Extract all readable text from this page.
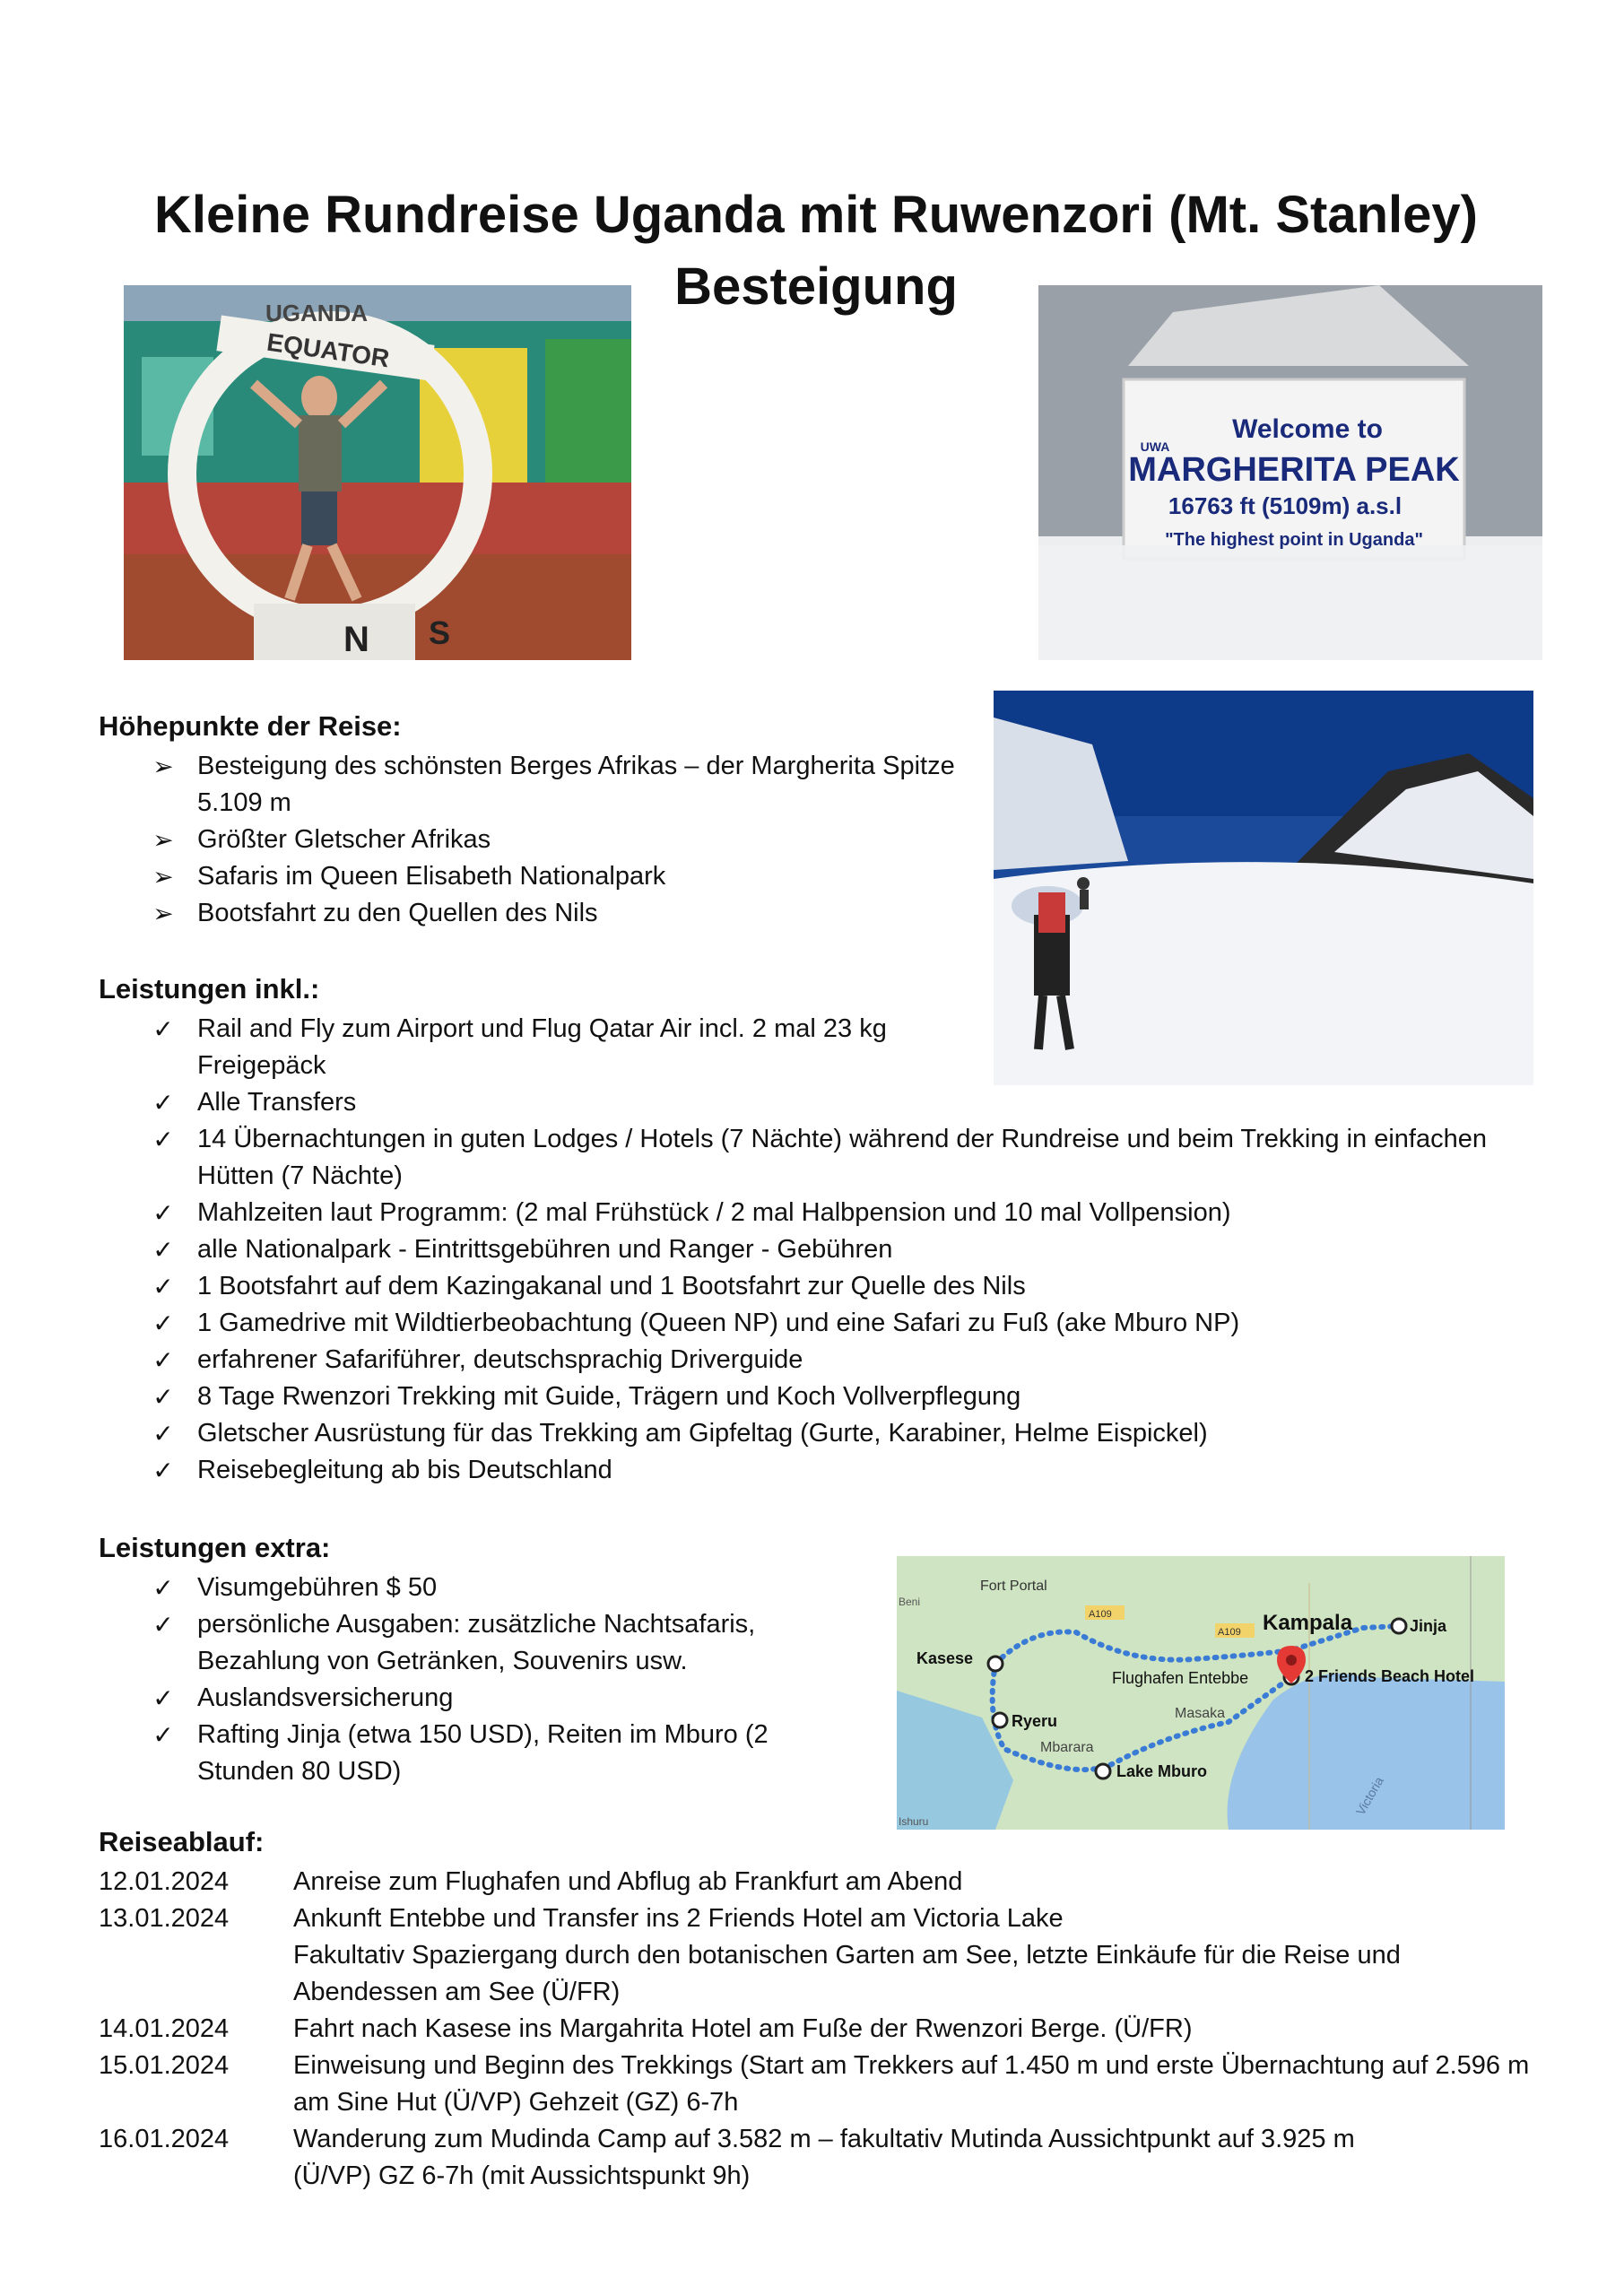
Kleine Rundreise Uganda mit Ruwenzori (Mt. Stanley) Besteigung
UGANDA
EQUATOR
N S
Welcome to
MARGHERITA PEAK
16763 ft (5109m) a.s.l
"The highest point in Uganda"
UWA
Fort Portal
Kasese
Kampala	Jinja
Flughafen Entebbe	2 Friends Beach Hotel
Ryeru	Masaka
Mbarara
Lake Mburo
A109
A109
Victoria
Beni
Ishuru
Höhepunkte der Reise:
➢ Besteigung des schönsten Berges Afrikas – der Margherita Spitze 5.109 m
➢ Größter Gletscher Afrikas
➢ Safaris im Queen Elisabeth Nationalpark
➢ Bootsfahrt zu den Quellen des Nils
Leistungen inkl.:
✓ Rail and Fly zum Airport und Flug Qatar Air incl. 2 mal 23 kg Freigepäck
✓ Alle Transfers
✓ 14 Übernachtungen in guten Lodges / Hotels (7 Nächte) während der Rundreise und beim Trekking in einfachen Hütten (7 Nächte)
✓ Mahlzeiten laut Programm: (2 mal Frühstück / 2 mal Halbpension und 10 mal Vollpension)
✓ alle Nationalpark - Eintrittsgebühren und Ranger - Gebühren
✓ 1 Bootsfahrt auf dem Kazingakanal und 1 Bootsfahrt zur Quelle des Nils
✓ 1 Gamedrive mit Wildtierbeobachtung (Queen NP) und eine Safari zu Fuß (ake Mburo NP)
✓ erfahrener Safariführer, deutschsprachig Driverguide
✓ 8 Tage Rwenzori Trekking mit Guide, Trägern und Koch Vollverpflegung
✓ Gletscher Ausrüstung für das Trekking am Gipfeltag (Gurte, Karabiner, Helme Eispickel)
✓ Reisebegleitung ab bis Deutschland
Leistungen extra:
✓ Visumgebühren $ 50
✓ persönliche Ausgaben: zusätzliche Nachtsafaris, Bezahlung von Getränken, Souvenirs usw.
✓ Auslandsversicherung
✓ Rafting Jinja (etwa 150 USD), Reiten im Mburo (2 Stunden 80 USD)
Reiseablauf:
12.01.2024	Anreise zum Flughafen und Abflug ab Frankfurt am Abend
13.01.2024	Ankunft Entebbe und Transfer ins 2 Friends Hotel am Victoria Lake
Fakultativ Spaziergang durch den botanischen Garten am See, letzte Einkäufe für die Reise und Abendessen am See (Ü/FR)
14.01.2024	Fahrt nach Kasese ins Margahrita Hotel am Fuße der Rwenzori Berge. (Ü/FR)
15.01.2024	Einweisung und Beginn des Trekkings (Start am Trekkers auf 1.450 m und erste Übernachtung auf 2.596 m am Sine Hut (Ü/VP) Gehzeit (GZ) 6-7h
16.01.2024	Wanderung zum Mudinda Camp auf 3.582 m – fakultativ Mutinda Aussichtpunkt auf 3.925 m (Ü/VP) GZ 6-7h (mit Aussichtspunkt 9h)
